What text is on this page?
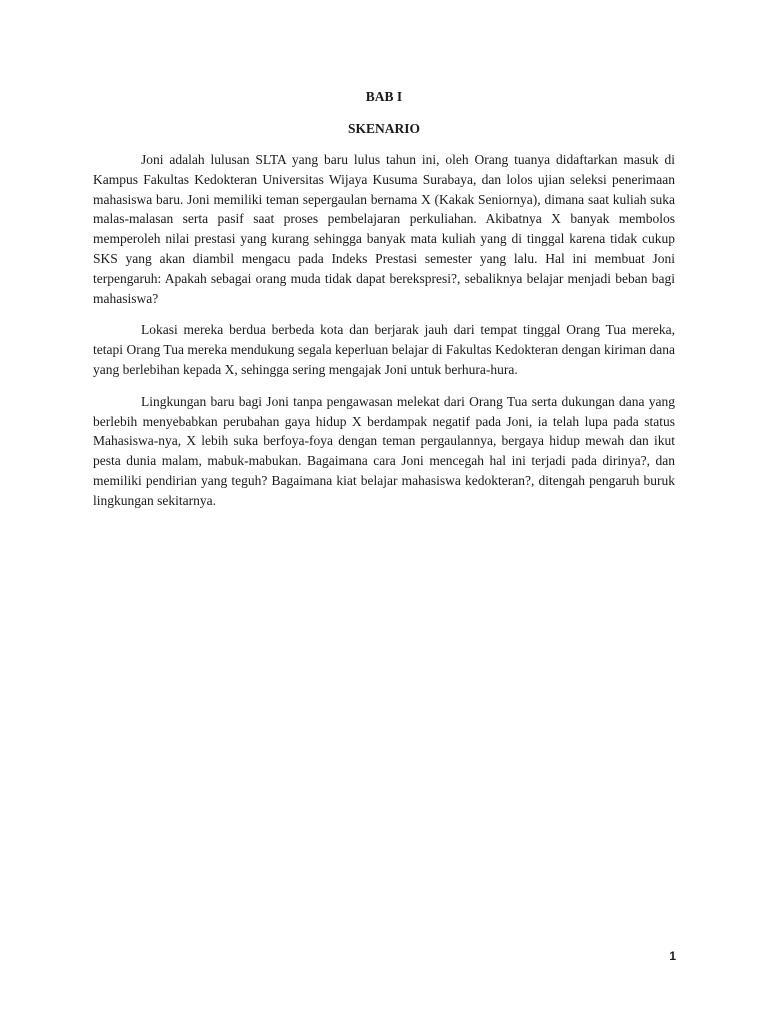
BAB I
SKENARIO

Joni adalah lulusan SLTA yang baru lulus tahun ini, oleh Orang tuanya didaftarkan masuk di Kampus Fakultas Kedokteran Universitas Wijaya Kusuma Surabaya, dan lolos ujian seleksi penerimaan mahasiswa baru. Joni memiliki teman sepergaulan bernama X (Kakak Seniornya), dimana saat kuliah suka malas-malasan serta pasif saat proses pembelajaran perkuliahan. Akibatnya X banyak membolos memperoleh nilai prestasi yang kurang sehingga banyak mata kuliah yang di tinggal karena tidak cukup SKS yang akan diambil mengacu pada Indeks Prestasi semester yang lalu. Hal ini membuat Joni terpengaruh: Apakah sebagai orang muda tidak dapat berekspresi?, sebaliknya belajar menjadi beban bagi mahasiswa?

Lokasi mereka berdua berbeda kota dan berjarak jauh dari tempat tinggal Orang Tua mereka, tetapi Orang Tua mereka mendukung segala keperluan belajar di Fakultas Kedokteran dengan kiriman dana yang berlebihan kepada X, sehingga sering mengajak Joni untuk berhura-hura.

Lingkungan baru bagi Joni tanpa pengawasan melekat dari Orang Tua serta dukungan dana yang berlebih menyebabkan perubahan gaya hidup X berdampak negatif pada Joni, ia telah lupa pada status Mahasiswa-nya, X lebih suka berfoya-foya dengan teman pergaulannya, bergaya hidup mewah dan ikut pesta dunia malam, mabuk-mabukan. Bagaimana cara Joni mencegah hal ini terjadi pada dirinya?, dan memiliki pendirian yang teguh? Bagaimana kiat belajar mahasiswa kedokteran?, ditengah pengaruh buruk lingkungan sekitarnya.

1
